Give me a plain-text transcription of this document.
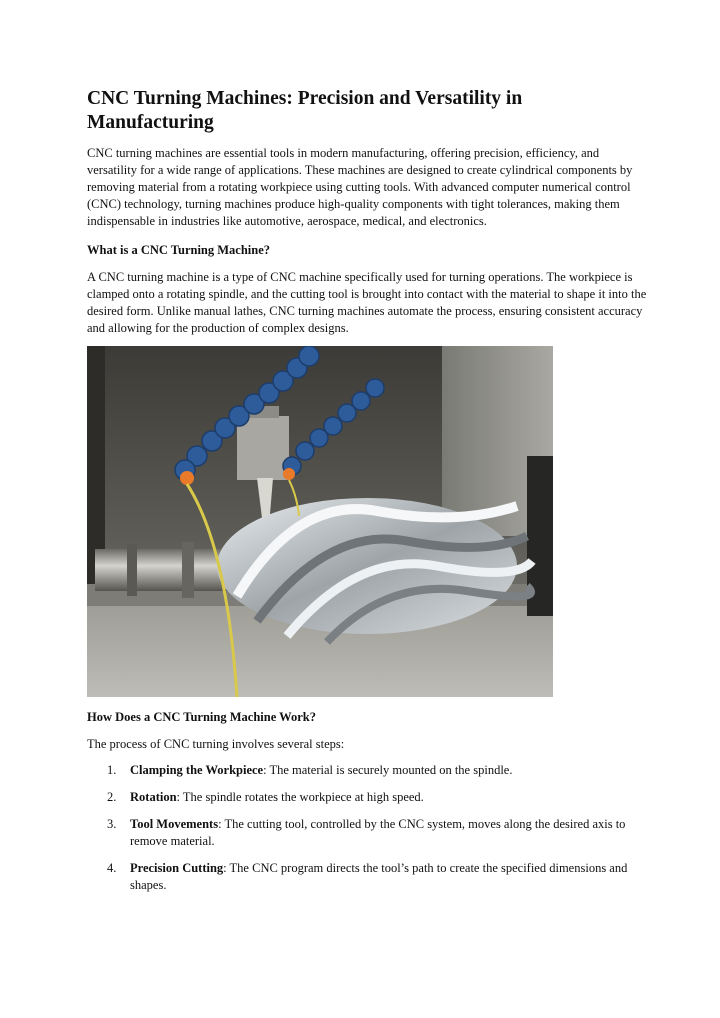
CNC Turning Machines: Precision and Versatility in Manufacturing

CNC turning machines are essential tools in modern manufacturing, offering precision, efficiency, and versatility for a wide range of applications. These machines are designed to create cylindrical components by removing material from a rotating workpiece using cutting tools. With advanced computer numerical control (CNC) technology, turning machines produce high-quality components with tight tolerances, making them indispensable in industries like automotive, aerospace, medical, and electronics.

What is a CNC Turning Machine?

A CNC turning machine is a type of CNC machine specifically used for turning operations. The workpiece is clamped onto a rotating spindle, and the cutting tool is brought into contact with the material to shape it into the desired form. Unlike manual lathes, CNC turning machines automate the process, ensuring consistent accuracy and allowing for the production of complex designs.

How Does a CNC Turning Machine Work?

The process of CNC turning involves several steps:

1. Clamping the Workpiece: The material is securely mounted on the spindle.
2. Rotation: The spindle rotates the workpiece at high speed.
3. Tool Movements: The cutting tool, controlled by the CNC system, moves along the desired axis to remove material.
4. Precision Cutting: The CNC program directs the tool’s path to create the specified dimensions and shapes.
